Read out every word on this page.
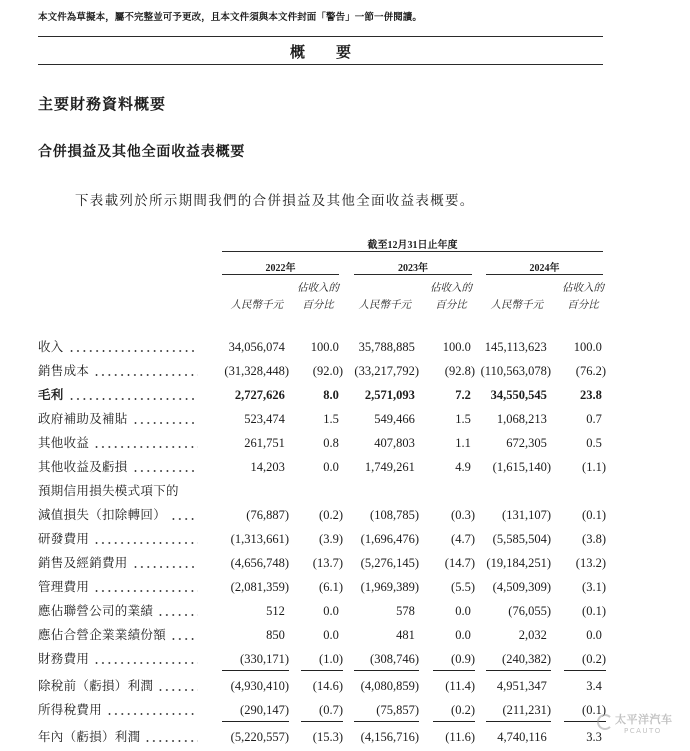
本文件為草擬本，屬不完整並可予更改，且本文件須與本文件封面「警告」一節一併閱讀。
概　要
主要財務資料概要
合併損益及其他全面收益表概要
下表載列於所示期間我們的合併損益及其他全面收益表概要。
截至12月31日止年度
2022年	2023年	2024年
人民幣千元	人民幣千元	人民幣千元
佔收入的
百分比
佔收入的
百分比
佔收入的
百分比
收入	34,056,074	100.0	35,788,885	100.0	145,113,623	100.0
銷售成本	(31,328,448) (92.0) (33,217,792) (92.8) (110,563,078) (76.2)
毛利	2,727,626	8.0	2,571,093	7.2	34,550,545	23.8
政府補助及補貼	523,474	1.5	549,466	1.5	1,068,213	0.7
其他收益	261,751	0.8	407,803	1.1	672,305	0.5
其他收益及虧損	14,203	0.0	1,749,261	4.9	(1,615,140) (1.1)
預期信用損失模式項下的
減值損失（扣除轉回）	(76,887) (0.2) (108,785)	(0.3) (131,107) (0.1)
研發費用	(1,313,661) (3.9) (1,696,476)	(4.7) (5,585,504) (3.8)
銷售及經銷費用	(4,656,748) (13.7) (5,276,145) (14.7) (19,184,251) (13.2)
管理費用	(2,081,359) (6.1) (1,969,389)	(5.5) (4,509,309) (3.1)
應佔聯營公司的業績	512	0.0	578	0.0	(76,055) (0.1)
應佔合營企業業績份額	850	0.0	481	0.0	2,032	0.0
財務費用	(330,171) (1.0) (308,746)	(0.9) (240,382) (0.2)
除稅前（虧損）利潤	(4,930,410) (14.6) (4,080,859) (11.4) 4,951,347	3.4
所得稅費用	(290,147) (0.7)	(75,857)	(0.2) (211,231) (0.1)
年內（虧損）利潤	(5,220,557) (15.3) (4,156,716) (11.6) 4,740,116	3.3
太平洋汽车
PCAUTO
